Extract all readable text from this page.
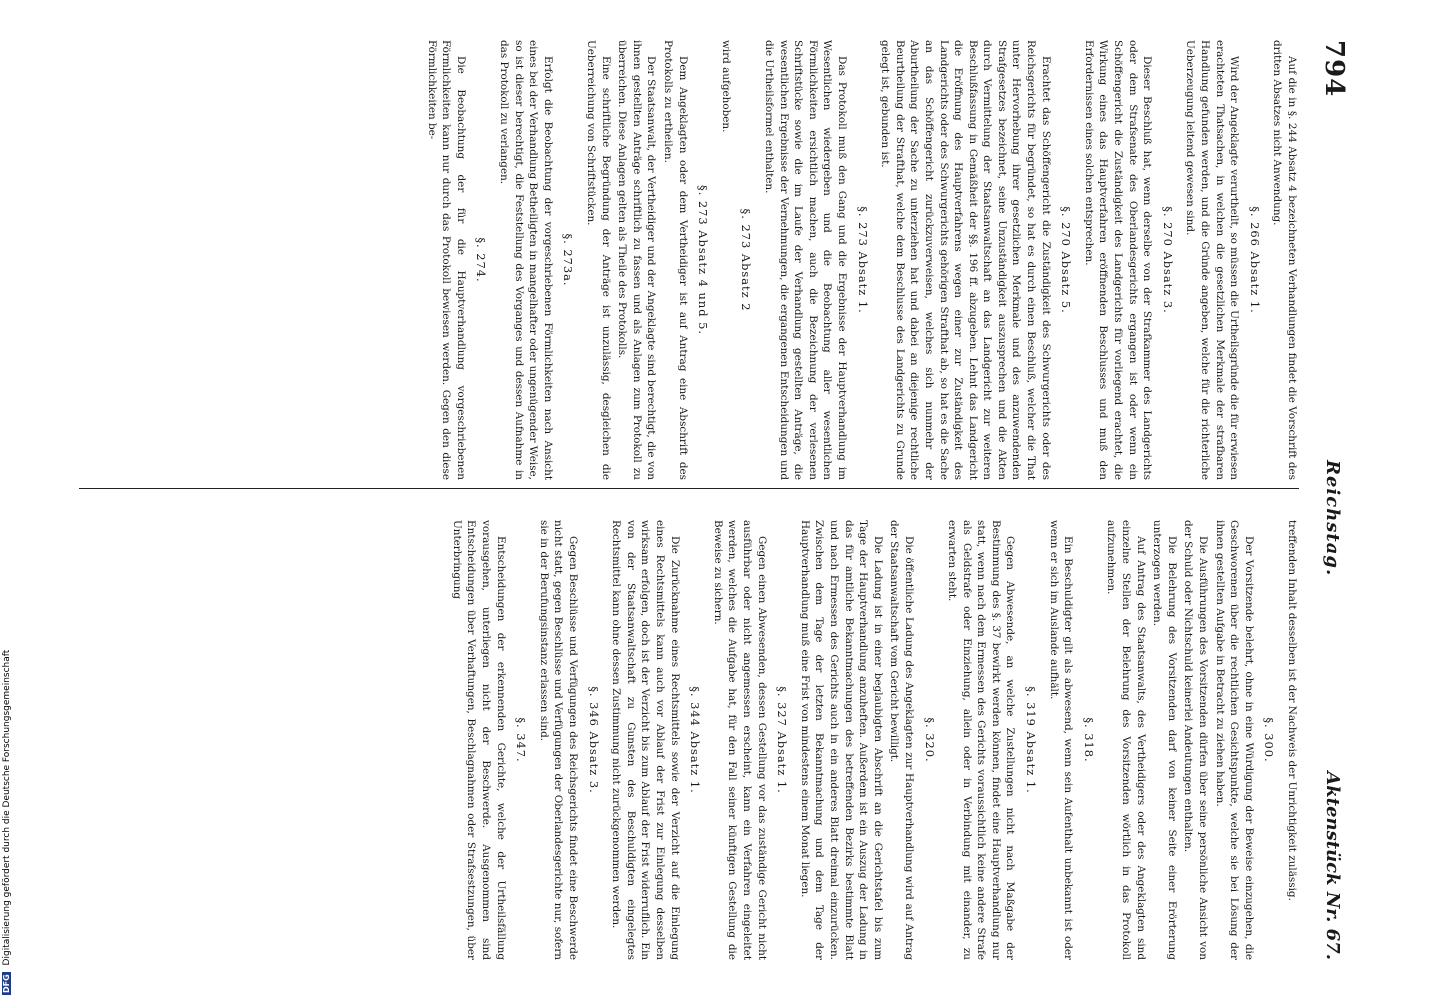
794
Reichstag.
Aktenstück Nr. 67.

Auf die in §. 244 Absatz 4 bezeichneten Verhandlungen findet die Vorschrift des dritten Absatzes nicht Anwendung.

§. 266 Absatz 1.

Wird der Angeklagte verurtheilt, so müssen die Urtheilsgründe die für erwiesen erachteten Thatsachen, in welchen die gesetzlichen Merkmale der strafbaren Handlung gefunden werden, und die Gründe angeben, welche für die richterliche Ueberzeugung leitend gewesen sind.

§. 270 Absatz 3.

Dieser Beschluß hat, wenn derselbe von der Strafkammer des Landgerichts oder dem Strafsenate des Oberlandesgerichts ergangen ist oder wenn ein Schöffengericht die Zuständigkeit des Landgerichts für vorliegend erachtet, die Wirkung eines das Hauptverfahren eröffnenden Beschlusses und muß den Erfordernissen eines solchen entsprechen.

§. 270 Absatz 5.

Erachtet das Schöffengericht die Zuständigkeit des Schwurgerichts oder des Reichsgerichts für begründet, so hat es durch einen Beschluß, welcher die That unter Hervorhebung ihrer gesetzlichen Merkmale und des anzuwendenden Strafgesetzes bezeichnet, seine Unzuständigkeit auszusprechen und die Akten durch Vermittelung der Staatsanwaltschaft an das Landgericht zur weiteren Beschlußfassung in Gemäßheit der §§. 196 ff. abzugeben. Lehnt das Landgericht die Eröffnung des Hauptverfahrens wegen einer zur Zuständigkeit des Landgerichts oder des Schwurgerichts gehörigen Strafthat ab, so hat es die Sache an das Schöffengericht zurückzuverweisen, welches sich nunmehr der Aburtheilung der Sache zu unterziehen hat und dabei an diejenige rechtliche Beurtheilung der Strafthat, welche dem Beschlusse des Landgerichts zu Grunde gelegt ist, gebunden ist.

§. 273 Absatz 1.

Das Protokoll muß den Gang und die Ergebnisse der Hauptverhandlung im Wesentlichen wiedergeben und die Beobachtung aller wesentlichen Förmlichkeiten ersichtlich machen, auch die Bezeichnung der verlesenen Schriftstücke sowie die im Laufe der Verhandlung gestellten Anträge, die wesentlichen Ergebnisse der Vernehmungen, die ergangenen Entscheidungen und die Urtheilsformel enthalten.

§. 273 Absatz 2

wird aufgehoben.

§. 273 Absatz 4 und 5.

Dem Angeklagten oder dem Vertheidiger ist auf Antrag eine Abschrift des Protokolls zu ertheilen.

Der Staatsanwalt, der Vertheidiger und der Angeklagte sind berechtigt, die von ihnen gestellten Anträge schriftlich zu fassen und als Anlagen zum Protokoll zu überreichen. Diese Anlagen gelten als Theile des Protokolls.

Eine schriftliche Begründung der Anträge ist unzulässig, desgleichen die Ueberreichung von Schriftstücken.

§. 273a.

Erfolgt die Beobachtung der vorgeschriebenen Förmlichkeiten nach Ansicht eines bei der Verhandlung Betheiligten in mangelhafter oder ungenügender Weise, so ist dieser berechtigt, die Feststellung des Vorganges und dessen Aufnahme in das Protokoll zu verlangen.

§. 274.

Die Beobachtung der für die Hauptverhandlung vorgeschriebenen Förmlichkeiten kann nur durch das Protokoll bewiesen werden. Gegen den diese Förmlichkeiten be-

treffenden Inhalt desselben ist der Nachweis der Unrichtigkeit zulässig.

§. 300.

Der Vorsitzende belehrt, ohne in eine Würdigung der Beweise einzugehen, die Geschworenen über die rechtlichen Gesichtspunkte, welche sie bei Lösung der ihnen gestellten Aufgabe in Betracht zu ziehen haben.

Die Ausführungen des Vorsitzenden dürfen über seine persönliche Ansicht von der Schuld oder Nichtschuld keinerlei Andeutungen enthalten.

Die Belehrung des Vorsitzenden darf von keiner Seite einer Erörterung unterzogen werden.

Auf Antrag des Staatsanwalts, des Vertheidigers oder des Angeklagten sind einzelne Stellen der Belehrung des Vorsitzenden wörtlich in das Protokoll aufzunehmen.

§. 318.

Ein Beschuldigter gilt als abwesend, wenn sein Aufenthalt unbekannt ist oder wenn er sich im Auslande aufhält.

§. 319 Absatz 1.

Gegen Abwesende, an welche Zustellungen nicht nach Maßgabe der Bestimmung des §. 37 bewirkt werden können, findet eine Hauptverhandlung nur statt, wenn nach dem Ermessen des Gerichts voraussichtlich keine andere Strafe als Geldstrafe oder Einziehung, allein oder in Verbindung mit einander, zu erwarten steht.

§. 320.

Die öffentliche Ladung des Angeklagten zur Hauptverhandlung wird auf Antrag der Staatsanwaltschaft vom Gericht bewilligt.

Die Ladung ist in einer beglaubigten Abschrift an die Gerichtstafel bis zum Tage der Hauptverhandlung anzuheften. Außerdem ist ein Auszug der Ladung in das für amtliche Bekanntmachungen des betreffenden Bezirks bestimmte Blatt und nach Ermessen des Gerichts auch in ein anderes Blatt dreimal einzurücken. Zwischen dem Tage der letzten Bekanntmachung und dem Tage der Hauptverhandlung muß eine Frist von mindestens einem Monat liegen.

§. 327 Absatz 1.

Gegen einen Abwesenden, dessen Gestellung vor das zuständige Gericht nicht ausführbar oder nicht angemessen erscheint, kann ein Verfahren eingeleitet werden, welches die Aufgabe hat, für den Fall seiner künftigen Gestellung die Beweise zu sichern.

§. 344 Absatz 1.

Die Zurücknahme eines Rechtsmittels sowie der Verzicht auf die Einlegung eines Rechtsmittels kann auch vor Ablauf der Frist zur Einlegung desselben wirksam erfolgen, doch ist der Verzicht bis zum Ablauf der Frist widerruflich. Ein von der Staatsanwaltschaft zu Gunsten des Beschuldigten eingelegtes Rechtsmittel kann ohne dessen Zustimmung nicht zurückgenommen werden.

§. 346 Absatz 3.

Gegen Beschlüsse und Verfügungen des Reichsgerichts findet eine Beschwerde nicht statt, gegen Beschlüsse und Verfügungen der Oberlandesgerichte nur, sofern sie in der Berufungsinstanz erlassen sind.

§. 347.

Entscheidungen der erkennenden Gerichte, welche der Urtheilsfällung vorausgehen, unterliegen nicht der Beschwerde. Ausgenommen sind Entscheidungen über Verhaftungen, Beschlagnahmen oder Strafsestzungen, über Unterbringung

DFG Digitalisierung gefördert durch die Deutsche Forschungsgemeinschaft
